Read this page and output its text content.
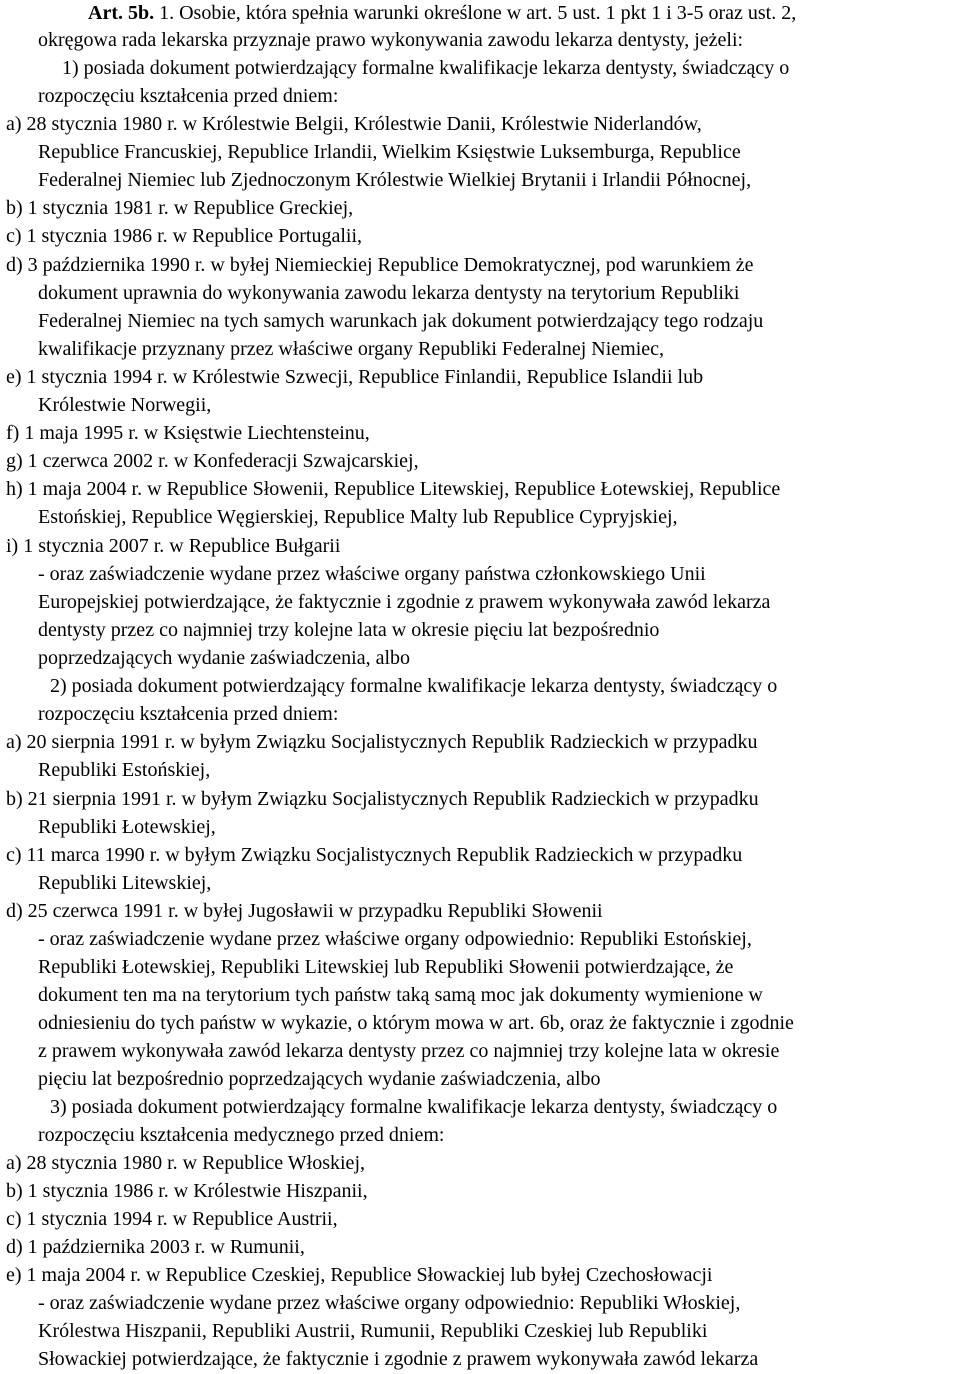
Art. 5b. 1. Osobie, która spełnia warunki określone w art. 5 ust. 1 pkt 1 i 3-5 oraz ust. 2,
okręgowa rada lekarska przyznaje prawo wykonywania zawodu lekarza dentysty, jeżeli:
1) posiada dokument potwierdzający formalne kwalifikacje lekarza dentysty, świadczący o
rozpoczęciu kształcenia przed dniem:
a) 28 stycznia 1980 r. w Królestwie Belgii, Królestwie Danii, Królestwie Niderlandów,
Republice Francuskiej, Republice Irlandii, Wielkim Księstwie Luksemburga, Republice
Federalnej Niemiec lub Zjednoczonym Królestwie Wielkiej Brytanii i Irlandii Północnej,
b) 1 stycznia 1981 r. w Republice Greckiej,
c) 1 stycznia 1986 r. w Republice Portugalii,
d) 3 października 1990 r. w byłej Niemieckiej Republice Demokratycznej, pod warunkiem że
dokument uprawnia do wykonywania zawodu lekarza dentysty na terytorium Republiki
Federalnej Niemiec na tych samych warunkach jak dokument potwierdzający tego rodzaju
kwalifikacje przyznany przez właściwe organy Republiki Federalnej Niemiec,
e) 1 stycznia 1994 r. w Królestwie Szwecji, Republice Finlandii, Republice Islandii lub
Królestwie Norwegii,
f) 1 maja 1995 r. w Księstwie Liechtensteinu,
g) 1 czerwca 2002 r. w Konfederacji Szwajcarskiej,
h) 1 maja 2004 r. w Republice Słowenii, Republice Litewskiej, Republice Łotewskiej, Republice
Estońskiej, Republice Węgierskiej, Republice Malty lub Republice Cypryjskiej,
i) 1 stycznia 2007 r. w Republice Bułgarii
- oraz zaświadczenie wydane przez właściwe organy państwa członkowskiego Unii
Europejskiej potwierdzające, że faktycznie i zgodnie z prawem wykonywała zawód lekarza
dentysty przez co najmniej trzy kolejne lata w okresie pięciu lat bezpośrednio
poprzedzających wydanie zaświadczenia, albo
2) posiada dokument potwierdzający formalne kwalifikacje lekarza dentysty, świadczący o
rozpoczęciu kształcenia przed dniem:
a) 20 sierpnia 1991 r. w byłym Związku Socjalistycznych Republik Radzieckich w przypadku
Republiki Estońskiej,
b) 21 sierpnia 1991 r. w byłym Związku Socjalistycznych Republik Radzieckich w przypadku
Republiki Łotewskiej,
c) 11 marca 1990 r. w byłym Związku Socjalistycznych Republik Radzieckich w przypadku
Republiki Litewskiej,
d) 25 czerwca 1991 r. w byłej Jugosławii w przypadku Republiki Słowenii
- oraz zaświadczenie wydane przez właściwe organy odpowiednio: Republiki Estońskiej,
Republiki Łotewskiej, Republiki Litewskiej lub Republiki Słowenii potwierdzające, że
dokument ten ma na terytorium tych państw taką samą moc jak dokumenty wymienione w
odniesieniu do tych państw w wykazie, o którym mowa w art. 6b, oraz że faktycznie i zgodnie
z prawem wykonywała zawód lekarza dentysty przez co najmniej trzy kolejne lata w okresie
pięciu lat bezpośrednio poprzedzających wydanie zaświadczenia, albo
3) posiada dokument potwierdzający formalne kwalifikacje lekarza dentysty, świadczący o
rozpoczęciu kształcenia medycznego przed dniem:
a) 28 stycznia 1980 r. w Republice Włoskiej,
b) 1 stycznia 1986 r. w Królestwie Hiszpanii,
c) 1 stycznia 1994 r. w Republice Austrii,
d) 1 października 2003 r. w Rumunii,
e) 1 maja 2004 r. w Republice Czeskiej, Republice Słowackiej lub byłej Czechosłowacji
- oraz zaświadczenie wydane przez właściwe organy odpowiednio: Republiki Włoskiej,
Królestwa Hiszpanii, Republiki Austrii, Rumunii, Republiki Czeskiej lub Republiki
Słowackiej potwierdzające, że faktycznie i zgodnie z prawem wykonywała zawód lekarza
